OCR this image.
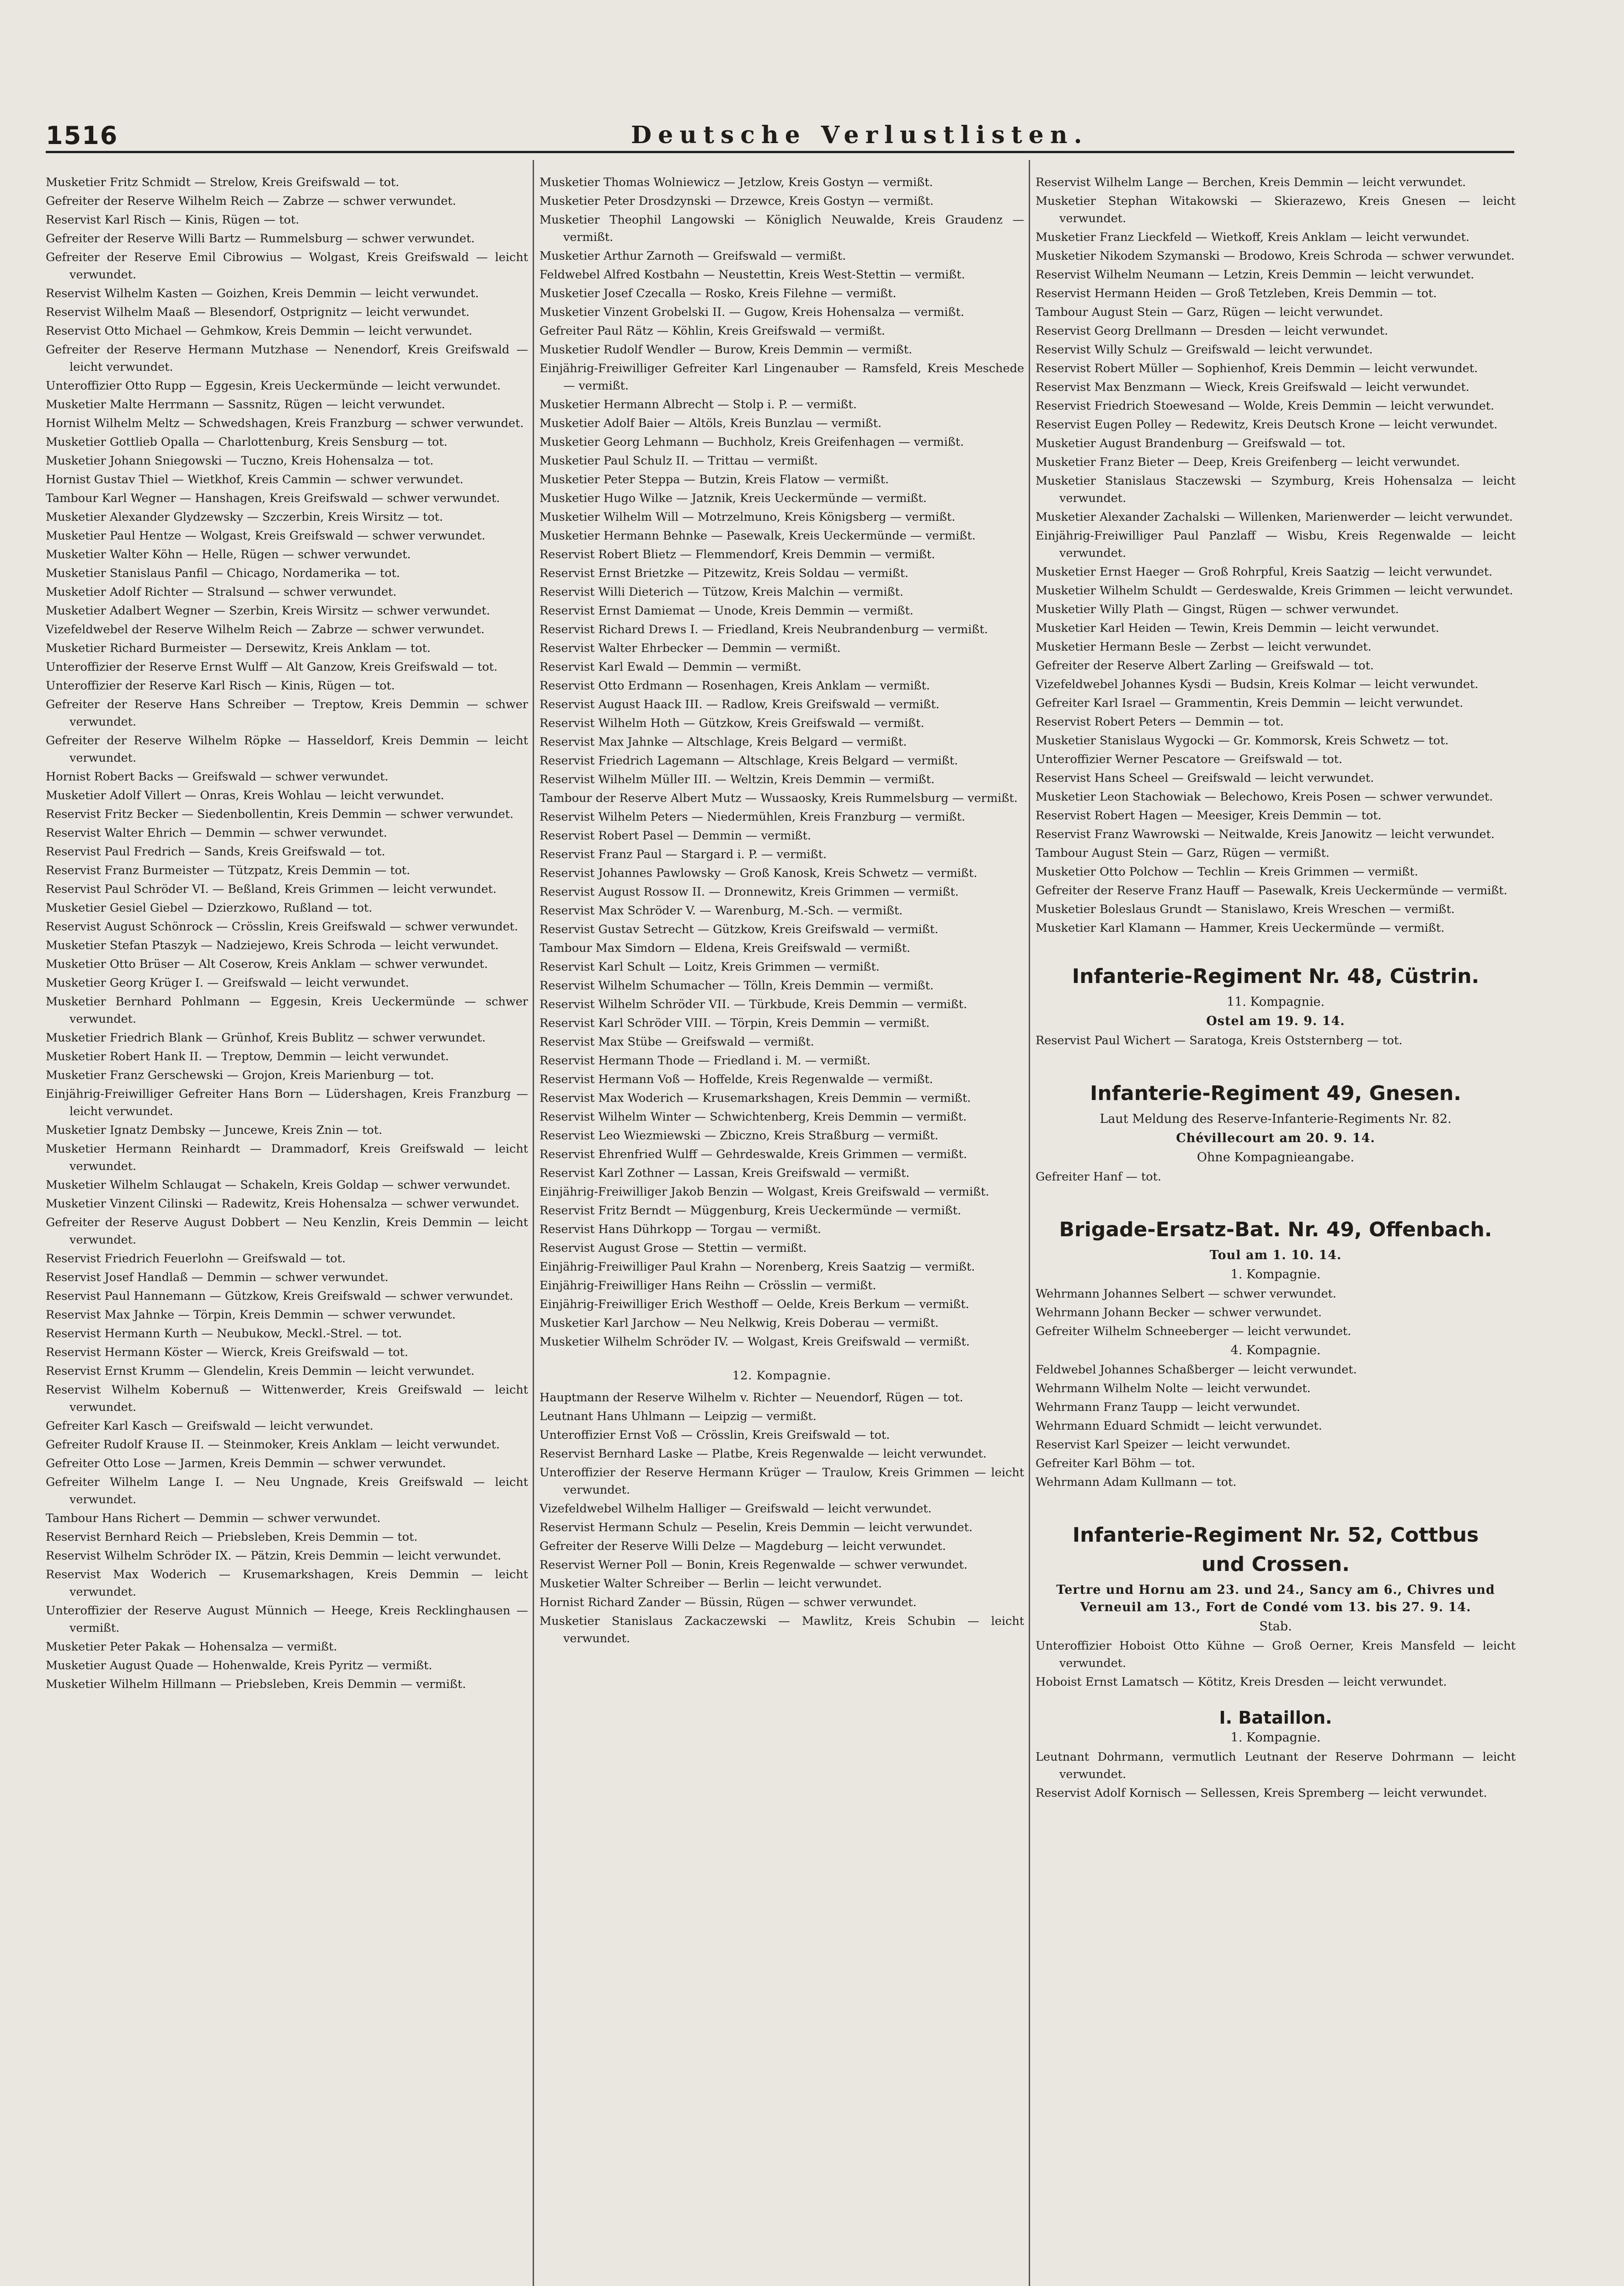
1516	Deutsche Verlustlisten.

Musketier Fritz Schmidt — Strelow, Kreis Greifswald — tot.

Gefreiter der Reserve Wilhelm Reich — Zabrze — schwer verwundet.

Reservist Karl Risch — Kinis, Rügen — tot.

Gefreiter der Reserve Willi Bartz — Rummelsburg — schwer verwundet.

Gefreiter der Reserve Emil Cibrowius — Wolgast, Kreis Greifswald — leicht verwundet.

Reservist Wilhelm Kasten — Goizhen, Kreis Demmin — leicht verwundet.

Reservist Wilhelm Maaß — Blesendorf, Ostprignitz — leicht verwundet.

Reservist Otto Michael — Gehmkow, Kreis Demmin — leicht verwundet.

Gefreiter der Reserve Hermann Mutzhase — Nenendorf, Kreis Greifswald — leicht verwundet.

Unteroffizier Otto Rupp — Eggesin, Kreis Ueckermünde — leicht verwundet.

Musketier Malte Herrmann — Sassnitz, Rügen — leicht verwundet.

Hornist Wilhelm Meltz — Schwedshagen, Kreis Franzburg — schwer verwundet.

Musketier Gottlieb Opalla — Charlottenburg, Kreis Sensburg — tot.

Musketier Johann Sniegowski — Tuczno, Kreis Hohensalza — tot.

Hornist Gustav Thiel — Wietkhof, Kreis Cammin — schwer verwundet.

Tambour Karl Wegner — Hanshagen, Kreis Greifswald — schwer verwundet.

Musketier Alexander Glydzewsky — Szczerbin, Kreis Wirsitz — tot.

Musketier Paul Hentze — Wolgast, Kreis Greifswald — schwer verwundet.

Musketier Walter Köhn — Helle, Rügen — schwer verwundet.

Musketier Stanislaus Panfil — Chicago, Nordamerika — tot.

Musketier Adolf Richter — Stralsund — schwer verwundet.

Musketier Adalbert Wegner — Szerbin, Kreis Wirsitz — schwer verwundet.

Vizefeldwebel der Reserve Wilhelm Reich — Zabrze — schwer verwundet.

Musketier Richard Burmeister — Dersewitz, Kreis Anklam — tot.

Unteroffizier der Reserve Ernst Wulff — Alt Ganzow, Kreis Greifswald — tot.

Unteroffizier der Reserve Karl Risch — Kinis, Rügen — tot.

Gefreiter der Reserve Hans Schreiber — Treptow, Kreis Demmin — schwer verwundet.

Gefreiter der Reserve Wilhelm Röpke — Hasseldorf, Kreis Demmin — leicht verwundet.

Hornist Robert Backs — Greifswald — schwer verwundet.

Musketier Adolf Villert — Onras, Kreis Wohlau — leicht verwundet.

Reservist Fritz Becker — Siedenbollentin, Kreis Demmin — schwer verwundet.

Reservist Walter Ehrich — Demmin — schwer verwundet.

Reservist Paul Fredrich — Sands, Kreis Greifswald — tot.

Reservist Franz Burmeister — Tützpatz, Kreis Demmin — tot.

Reservist Paul Schröder VI. — Beßland, Kreis Grimmen — leicht verwundet.

Musketier Gesiel Giebel — Dzierzkowo, Rußland — tot.

Reservist August Schönrock — Crösslin, Kreis Greifswald — schwer verwundet.

Musketier Stefan Ptaszyk — Nadziejewo, Kreis Schroda — leicht verwundet.

Musketier Otto Brüser — Alt Coserow, Kreis Anklam — schwer verwundet.

Musketier Georg Krüger I. — Greifswald — leicht verwundet.

Musketier Bernhard Pohlmann — Eggesin, Kreis Ueckermünde — schwer verwundet.

Musketier Friedrich Blank — Grünhof, Kreis Bublitz — schwer verwundet.

Musketier Robert Hank II. — Treptow, Demmin — leicht verwundet.

Musketier Franz Gerschewski — Grojon, Kreis Marienburg — tot.

Einjährig-Freiwilliger Gefreiter Hans Born — Lüdershagen, Kreis Franzburg — leicht verwundet.

Musketier Ignatz Dembsky — Juncewe, Kreis Znin — tot.

Musketier Hermann Reinhardt — Drammadorf, Kreis Greifswald — leicht verwundet.

Musketier Wilhelm Schlaugat — Schakeln, Kreis Goldap — schwer verwundet.

Musketier Vinzent Cilinski — Radewitz, Kreis Hohensalza — schwer verwundet.

Gefreiter der Reserve August Dobbert — Neu Kenzlin, Kreis Demmin — leicht verwundet.

Reservist Friedrich Feuerlohn — Greifswald — tot.

Reservist Josef Handlaß — Demmin — schwer verwundet.

Reservist Paul Hannemann — Gützkow, Kreis Greifswald — schwer verwundet.

Reservist Max Jahnke — Törpin, Kreis Demmin — schwer verwundet.

Reservist Hermann Kurth — Neubukow, Meckl.-Strel. — tot.

Reservist Hermann Köster — Wierck, Kreis Greifswald — tot.

Reservist Ernst Krumm — Glendelin, Kreis Demmin — leicht verwundet.

Reservist Wilhelm Kobernuß — Wittenwerder, Kreis Greifswald — leicht verwundet.

Gefreiter Karl Kasch — Greifswald — leicht verwundet.

Gefreiter Rudolf Krause II. — Steinmoker, Kreis Anklam — leicht verwundet.

Gefreiter Otto Lose — Jarmen, Kreis Demmin — schwer verwundet.

Gefreiter Wilhelm Lange I. — Neu Ungnade, Kreis Greifswald — leicht verwundet.

Tambour Hans Richert — Demmin — schwer verwundet.

Reservist Bernhard Reich — Priebsleben, Kreis Demmin — tot.

Reservist Wilhelm Schröder IX. — Pätzin, Kreis Demmin — leicht verwundet.

Reservist Max Woderich — Krusemarkshagen, Kreis Demmin — leicht verwundet.

Unteroffizier der Reserve August Münnich — Heege, Kreis Recklinghausen — vermißt.

Musketier Peter Pakak — Hohensalza — vermißt.

Musketier August Quade — Hohenwalde, Kreis Pyritz — vermißt.

Musketier Wilhelm Hillmann — Priebsleben, Kreis Demmin — vermißt.

Musketier Thomas Wolniewicz — Jetzlow, Kreis Gostyn — vermißt.

Musketier Peter Drosdzynski — Drzewce, Kreis Gostyn — vermißt.

Musketier Theophil Langowski — Königlich Neuwalde, Kreis Graudenz — vermißt.

Musketier Arthur Zarnoth — Greifswald — vermißt.

Feldwebel Alfred Kostbahn — Neustettin, Kreis West-Stettin — vermißt.

Musketier Josef Czecalla — Rosko, Kreis Filehne — vermißt.

Musketier Vinzent Grobelski II. — Gugow, Kreis Hohensalza — vermißt.

Gefreiter Paul Rätz — Köhlin, Kreis Greifswald — vermißt.

Musketier Rudolf Wendler — Burow, Kreis Demmin — vermißt.

Einjährig-Freiwilliger Gefreiter Karl Lingenauber — Ramsfeld, Kreis Meschede — vermißt.

Musketier Hermann Albrecht — Stolp i. P. — vermißt.

Musketier Adolf Baier — Altöls, Kreis Bunzlau — vermißt.

Musketier Georg Lehmann — Buchholz, Kreis Greifenhagen — vermißt.

Musketier Paul Schulz II. — Trittau — vermißt.

Musketier Peter Steppa — Butzin, Kreis Flatow — vermißt.

Musketier Hugo Wilke — Jatznik, Kreis Ueckermünde — vermißt.

Musketier Wilhelm Will — Motrzelmuno, Kreis Königsberg — vermißt.

Musketier Hermann Behnke — Pasewalk, Kreis Ueckermünde — vermißt.

Reservist Robert Blietz — Flemmendorf, Kreis Demmin — vermißt.

Reservist Ernst Brietzke — Pitzewitz, Kreis Soldau — vermißt.

Reservist Willi Dieterich — Tützow, Kreis Malchin — vermißt.

Reservist Ernst Damiemat — Unode, Kreis Demmin — vermißt.

Reservist Richard Drews I. — Friedland, Kreis Neubrandenburg — vermißt.

Reservist Walter Ehrbecker — Demmin — vermißt.

Reservist Karl Ewald — Demmin — vermißt.

Reservist Otto Erdmann — Rosenhagen, Kreis Anklam — vermißt.

Reservist August Haack III. — Radlow, Kreis Greifswald — vermißt.

Reservist Wilhelm Hoth — Gützkow, Kreis Greifswald — vermißt.

Reservist Max Jahnke — Altschlage, Kreis Belgard — vermißt.

Reservist Friedrich Lagemann — Altschlage, Kreis Belgard — vermißt.

Reservist Wilhelm Müller III. — Weltzin, Kreis Demmin — vermißt.

Tambour der Reserve Albert Mutz — Wussaosky, Kreis Rummelsburg — vermißt.

Reservist Wilhelm Peters — Niedermühlen, Kreis Franzburg — vermißt.

Reservist Robert Pasel — Demmin — vermißt.

Reservist Franz Paul — Stargard i. P. — vermißt.

Reservist Johannes Pawlowsky — Groß Kanosk, Kreis Schwetz — vermißt.

Reservist August Rossow II. — Dronnewitz, Kreis Grimmen — vermißt.

Reservist Max Schröder V. — Warenburg, M.-Sch. — vermißt.

Reservist Gustav Setrecht — Gützkow, Kreis Greifswald — vermißt.

Tambour Max Simdorn — Eldena, Kreis Greifswald — vermißt.

Reservist Karl Schult — Loitz, Kreis Grimmen — vermißt.

Reservist Wilhelm Schumacher — Tölln, Kreis Demmin — vermißt.

Reservist Wilhelm Schröder VII. — Türkbude, Kreis Demmin — vermißt.

Reservist Karl Schröder VIII. — Törpin, Kreis Demmin — vermißt.

Reservist Max Stübe — Greifswald — vermißt.

Reservist Hermann Thode — Friedland i. M. — vermißt.

Reservist Hermann Voß — Hoffelde, Kreis Regenwalde — vermißt.

Reservist Max Woderich — Krusemarkshagen, Kreis Demmin — vermißt.

Reservist Wilhelm Winter — Schwichtenberg, Kreis Demmin — vermißt.

Reservist Leo Wiezmiewski — Zbiczno, Kreis Straßburg — vermißt.

Reservist Ehrenfried Wulff — Gehrdeswalde, Kreis Grimmen — vermißt.

Reservist Karl Zothner — Lassan, Kreis Greifswald — vermißt.

Einjährig-Freiwilliger Jakob Benzin — Wolgast, Kreis Greifswald — vermißt.

Reservist Fritz Berndt — Müggenburg, Kreis Ueckermünde — vermißt.

Reservist Hans Dührkopp — Torgau — vermißt.

Reservist August Grose — Stettin — vermißt.

Einjährig-Freiwilliger Paul Krahn — Norenberg, Kreis Saatzig — vermißt.

Einjährig-Freiwilliger Hans Reihn — Crösslin — vermißt.

Einjährig-Freiwilliger Erich Westhoff — Oelde, Kreis Berkum — vermißt.

Musketier Karl Jarchow — Neu Nelkwig, Kreis Doberau — vermißt.

Musketier Wilhelm Schröder IV. — Wolgast, Kreis Greifswald — vermißt.

12. Kompagnie.

Hauptmann der Reserve Wilhelm v. Richter — Neuendorf, Rügen — tot.

Leutnant Hans Uhlmann — Leipzig — vermißt.

Unteroffizier Ernst Voß — Crösslin, Kreis Greifswald — tot.

Reservist Bernhard Laske — Platbe, Kreis Regenwalde — leicht verwundet.

Unteroffizier der Reserve Hermann Krüger — Traulow, Kreis Grimmen — leicht verwundet.

Vizefeldwebel Wilhelm Halliger — Greifswald — leicht verwundet.

Reservist Hermann Schulz — Peselin, Kreis Demmin — leicht verwundet.

Gefreiter der Reserve Willi Delze — Magdeburg — leicht verwundet.

Reservist Werner Poll — Bonin, Kreis Regenwalde — schwer verwundet.

Musketier Walter Schreiber — Berlin — leicht verwundet.

Hornist Richard Zander — Büssin, Rügen — schwer verwundet.

Musketier Stanislaus Zackaczewski — Mawlitz, Kreis Schubin — leicht verwundet.

Reservist Wilhelm Lange — Berchen, Kreis Demmin — leicht verwundet.

Musketier Stephan Witakowski — Skierazewo, Kreis Gnesen — leicht verwundet.

Musketier Franz Lieckfeld — Wietkoff, Kreis Anklam — leicht verwundet.

Musketier Nikodem Szymanski — Brodowo, Kreis Schroda — schwer verwundet.

Reservist Wilhelm Neumann — Letzin, Kreis Demmin — leicht verwundet.

Reservist Hermann Heiden — Groß Tetzleben, Kreis Demmin — tot.

Tambour August Stein — Garz, Rügen — leicht verwundet.

Reservist Georg Drellmann — Dresden — leicht verwundet.

Reservist Willy Schulz — Greifswald — leicht verwundet.

Reservist Robert Müller — Sophienhof, Kreis Demmin — leicht verwundet.

Reservist Max Benzmann — Wieck, Kreis Greifswald — leicht verwundet.

Reservist Friedrich Stoewesand — Wolde, Kreis Demmin — leicht verwundet.

Reservist Eugen Polley — Redewitz, Kreis Deutsch Krone — leicht verwundet.

Musketier August Brandenburg — Greifswald — tot.

Musketier Franz Bieter — Deep, Kreis Greifenberg — leicht verwundet.

Musketier Stanislaus Staczewski — Szymburg, Kreis Hohensalza — leicht verwundet.

Musketier Alexander Zachalski — Willenken, Marienwerder — leicht verwundet.

Einjährig-Freiwilliger Paul Panzlaff — Wisbu, Kreis Regenwalde — leicht verwundet.

Musketier Ernst Haeger — Groß Rohrpful, Kreis Saatzig — leicht verwundet.

Musketier Wilhelm Schuldt — Gerdeswalde, Kreis Grimmen — leicht verwundet.

Musketier Willy Plath — Gingst, Rügen — schwer verwundet.

Musketier Karl Heiden — Tewin, Kreis Demmin — leicht verwundet.

Musketier Hermann Besle — Zerbst — leicht verwundet.

Gefreiter der Reserve Albert Zarling — Greifswald — tot.

Vizefeldwebel Johannes Kysdi — Budsin, Kreis Kolmar — leicht verwundet.

Gefreiter Karl Israel — Grammentin, Kreis Demmin — leicht verwundet.

Reservist Robert Peters — Demmin — tot.

Musketier Stanislaus Wygocki — Gr. Kommorsk, Kreis Schwetz — tot.

Unteroffizier Werner Pescatore — Greifswald — tot.

Reservist Hans Scheel — Greifswald — leicht verwundet.

Musketier Leon Stachowiak — Belechowo, Kreis Posen — schwer verwundet.

Reservist Robert Hagen — Meesiger, Kreis Demmin — tot.

Reservist Franz Wawrowski — Neitwalde, Kreis Janowitz — leicht verwundet.

Tambour August Stein — Garz, Rügen — vermißt.

Musketier Otto Polchow — Techlin — Kreis Grimmen — vermißt.

Gefreiter der Reserve Franz Hauff — Pasewalk, Kreis Ueckermünde — vermißt.

Musketier Boleslaus Grundt — Stanislawo, Kreis Wreschen — vermißt.

Musketier Karl Klamann — Hammer, Kreis Ueckermünde — vermißt.

Infanterie-Regiment Nr. 48, Cüstrin.
11. Kompagnie.
Ostel am 19. 9. 14.

Reservist Paul Wichert — Saratoga, Kreis Oststernberg — tot.

Infanterie-Regiment 49, Gnesen.
Laut Meldung des Reserve-Infanterie-Regiments Nr. 82.
Chévillecourt am 20. 9. 14.
Ohne Kompagnieangabe.

Gefreiter Hanf — tot.

Brigade-Ersatz-Bat. Nr. 49, Offenbach.
Toul am 1. 10. 14.
1. Kompagnie.

Wehrmann Johannes Selbert — schwer verwundet.

Wehrmann Johann Becker — schwer verwundet.

Gefreiter Wilhelm Schneeberger — leicht verwundet.

4. Kompagnie.

Feldwebel Johannes Schaßberger — leicht verwundet.

Wehrmann Wilhelm Nolte — leicht verwundet.

Wehrmann Franz Taupp — leicht verwundet.

Wehrmann Eduard Schmidt — leicht verwundet.

Reservist Karl Speizer — leicht verwundet.

Gefreiter Karl Böhm — tot.

Wehrmann Adam Kullmann — tot.

Infanterie-Regiment Nr. 52, Cottbus
und Crossen.
Tertre und Hornu am 23. und 24., Sancy am 6., Chivres und Verneuil am 13., Fort de Condé vom 13. bis 27. 9. 14.
Stab.

Unteroffizier Hoboist Otto Kühne — Groß Oerner, Kreis Mansfeld — leicht verwundet.

Hoboist Ernst Lamatsch — Kötitz, Kreis Dresden — leicht verwundet.

I. Bataillon.
1. Kompagnie.

Leutnant Dohrmann, vermutlich Leutnant der Reserve Dohrmann — leicht verwundet.

Reservist Adolf Kornisch — Sellessen, Kreis Spremberg — leicht verwundet.
